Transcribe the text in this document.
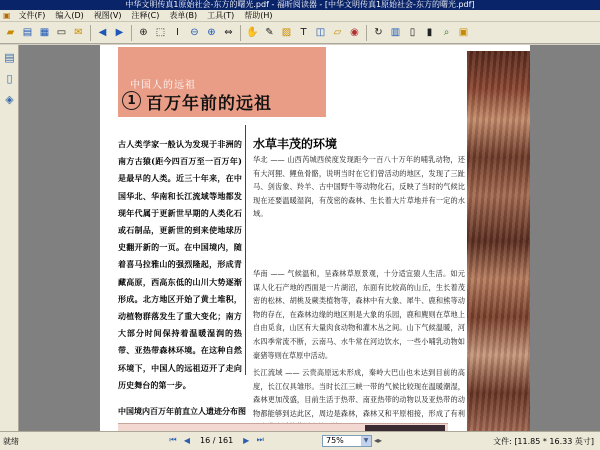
中华文明传真1原始社会-东方的曙光.pdf - 福昕阅读器 - [中华文明传真1原始社会-东方的曙光.pdf]
▣	文件(F)	编入(D)	视图(V)	注释(C)	表单(B)	工具(T)	帮助(H)
▰ ▤ ▦ ▭ ✉	◀ ▶	⊕ ⬚	Ⅰ	⊖ ⊕ ⇔	✋ ✎ ▨ T ◫ ▱ ◉	↻ ▥ ▯	▮	⌕ ▣
▤
▯
◈
中国人的远祖
1 百万年前的远祖
古人类学家一般认为发现于非洲的南方古猿(距今四百万至一百万年)是最早的人类。近三十年来，在中国华北、华南和长江流域等地都发现年代属于更新世早期的人类化石或石制品，更新世的到来使地球历史翻开新的一页。在中国境内，随着喜马拉雅山的强烈隆起，形成青藏高原，西高东低的山川大势逐渐形成。北方地区开始了黄土堆积，动植物群落发生了重大变化；南方大部分时间保持着温暖湿润的热带、亚热带森林环境。在这种自然环境下，中国人的远祖迈开了走向历史舞台的第一步。
水草丰茂的环境
华北 —— 山西芮城西侯度发现距今一百八十万年的哺乳动物，还有大河狸、鲤鱼骨骼，说明当时在它们曾活动的地区，发现了三趾马、剑齿象、羚羊、古中国野牛等动物化石，反映了当时的气候比现在还要温暖湿润，有茂密的森林、生长着大片草地并有一定的水域。
华南 —— 气候温和，呈森林草原景观，十分适宜猿人生活。如元谋人化石产地的西面是一片湖沼，东面有比较高的山丘，生长着茂密的松林、胡桃及蕨类植物等，森林中有大象、犀牛、鹿和熊等动物的存在，在森林边缘的地区则是大象的乐园，鹿和麂则在草地上自由觅食，山区有大量肉食动物和灌木丛之间。山下气候温暖，河水四季常流不断，云南马、水牛常在河边饮水，一些小哺乳动物如豪猪等则在草原中活动。
长江流域 —— 云贵高原远未形成，秦岭大巴山也未达到目前的高度，长江仅具雏形。当时长江三峡一带的气候比较现在温暖潮湿，森林更加茂盛，目前生活于热带、南亚热带的动物以及亚热带的动物都能够到达此区，周边是森林，森林又和平原相接，形成了有利
中国境内百万年前直立人遗迹分布图
就绪	⏮ ◀	16 / 161	▶ ⏭	75%	▼ ◂▸	文件: [11.85 * 16.33 英寸]
